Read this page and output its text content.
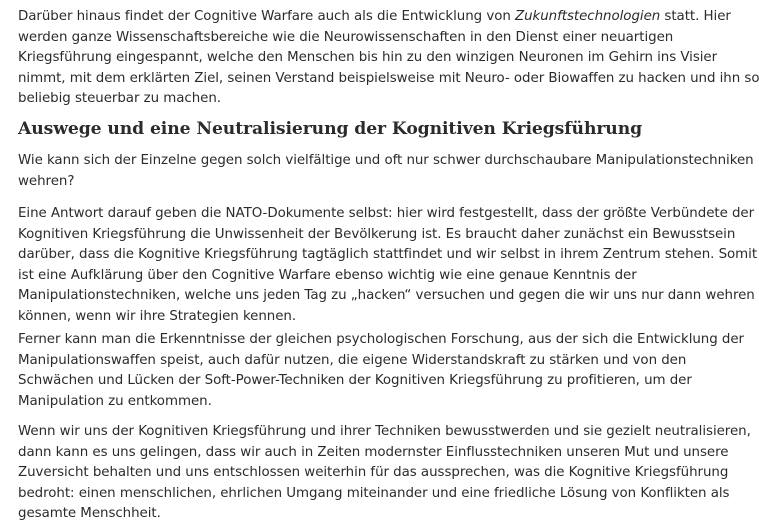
Darüber hinaus findet der Cognitive Warfare auch als die Entwicklung von Zukunftstechnologien statt. Hier
werden ganze Wissenschaftsbereiche wie die Neurowissenschaften in den Dienst einer neuartigen
Kriegsführung eingespannt, welche den Menschen bis hin zu den winzigen Neuronen im Gehirn ins Visier
nimmt, mit dem erklärten Ziel, seinen Verstand beispielsweise mit Neuro- oder Biowaffen zu hacken und ihn so
beliebig steuerbar zu machen.

Auswege und eine Neutralisierung der Kognitiven Kriegsführung

Wie kann sich der Einzelne gegen solch vielfältige und oft nur schwer durchschaubare Manipulationstechniken
wehren?

Eine Antwort darauf geben die NATO-Dokumente selbst: hier wird festgestellt, dass der größte Verbündete der
Kognitiven Kriegsführung die Unwissenheit der Bevölkerung ist. Es braucht daher zunächst ein Bewusstsein
darüber, dass die Kognitive Kriegsführung tagtäglich stattfindet und wir selbst in ihrem Zentrum stehen. Somit
ist eine Aufklärung über den Cognitive Warfare ebenso wichtig wie eine genaue Kenntnis der
Manipulationstechniken, welche uns jeden Tag zu „hacken“ versuchen und gegen die wir uns nur dann wehren
können, wenn wir ihre Strategien kennen.

Ferner kann man die Erkenntnisse der gleichen psychologischen Forschung, aus der sich die Entwicklung der
Manipulationswaffen speist, auch dafür nutzen, die eigene Widerstandskraft zu stärken und von den
Schwächen und Lücken der Soft-Power-Techniken der Kognitiven Kriegsführung zu profitieren, um der
Manipulation zu entkommen.

Wenn wir uns der Kognitiven Kriegsführung und ihrer Techniken bewusstwerden und sie gezielt neutralisieren,
dann kann es uns gelingen, dass wir auch in Zeiten modernster Einflusstechniken unseren Mut und unsere
Zuversicht behalten und uns entschlossen weiterhin für das aussprechen, was die Kognitive Kriegsführung
bedroht: einen menschlichen, ehrlichen Umgang miteinander und eine friedliche Lösung von Konflikten als
gesamte Menschheit.
